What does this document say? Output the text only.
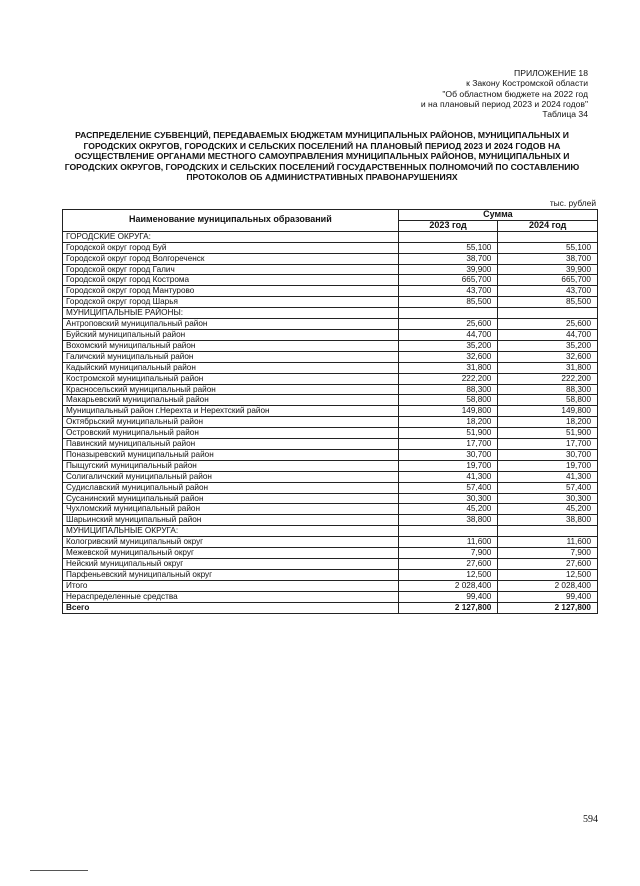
ПРИЛОЖЕНИЕ 18
к Закону Костромской области
"Об областном бюджете на 2022 год
и на плановый период 2023 и 2024 годов"
Таблица 34
РАСПРЕДЕЛЕНИЕ СУБВЕНЦИЙ, ПЕРЕДАВАЕМЫХ БЮДЖЕТАМ МУНИЦИПАЛЬНЫХ РАЙОНОВ, МУНИЦИПАЛЬНЫХ И ГОРОДСКИХ ОКРУГОВ, ГОРОДСКИХ И СЕЛЬСКИХ ПОСЕЛЕНИЙ НА ПЛАНОВЫЙ ПЕРИОД 2023 И 2024 ГОДОВ НА ОСУЩЕСТВЛЕНИЕ ОРГАНАМИ МЕСТНОГО САМОУПРАВЛЕНИЯ МУНИЦИПАЛЬНЫХ РАЙОНОВ, МУНИЦИПАЛЬНЫХ И ГОРОДСКИХ ОКРУГОВ, ГОРОДСКИХ И СЕЛЬСКИХ ПОСЕЛЕНИЙ ГОСУДАРСТВЕННЫХ ПОЛНОМОЧИЙ ПО СОСТАВЛЕНИЮ ПРОТОКОЛОВ ОБ АДМИНИСТРАТИВНЫХ ПРАВОНАРУШЕНИЯХ
тыс. рублей
Наименование муниципальных образований	Сумма	
	2023 год	2024 год
ГОРОДСКИЕ ОКРУГА:		
Городской округ город Буй	55,100	55,100
Городской округ город Волгореченск	38,700	38,700
Городской округ город Галич	39,900	39,900
Городской округ город Кострома	665,700	665,700
Городской округ город Мантурово	43,700	43,700
Городской округ город Шарья	85,500	85,500
МУНИЦИПАЛЬНЫЕ РАЙОНЫ:		
Антроповский муниципальный район	25,600	25,600
Буйский муниципальный район	44,700	44,700
Вохомский муниципальный район	35,200	35,200
Галичский муниципальный район	32,600	32,600
Кадыйский муниципальный район	31,800	31,800
Костромской муниципальный район	222,200	222,200
Красносельский муниципальный район	88,300	88,300
Макарьевский муниципальный район	58,800	58,800
Муниципальный район г.Нерехта и Нерехтский район	149,800	149,800
Октябрьский муниципальный район	18,200	18,200
Островский муниципальный район	51,900	51,900
Павинский муниципальный район	17,700	17,700
Поназыревский муниципальный район	30,700	30,700
Пыщугский муниципальный район	19,700	19,700
Солигаличский муниципальный район	41,300	41,300
Судиславский муниципальный район	57,400	57,400
Сусанинский муниципальный район	30,300	30,300
Чухломский муниципальный район	45,200	45,200
Шарьинский муниципальный район	38,800	38,800
МУНИЦИПАЛЬНЫЕ ОКРУГА:		
Кологривский муниципальный округ	11,600	11,600
Межевской муниципальный округ	7,900	7,900
Нейский муниципальный округ	27,600	27,600
Парфеньевский муниципальный округ	12,500	12,500
Итого	2 028,400	2 028,400
Нераспределенные средства	99,400	99,400
Всего	2 127,800	2 127,800
594
